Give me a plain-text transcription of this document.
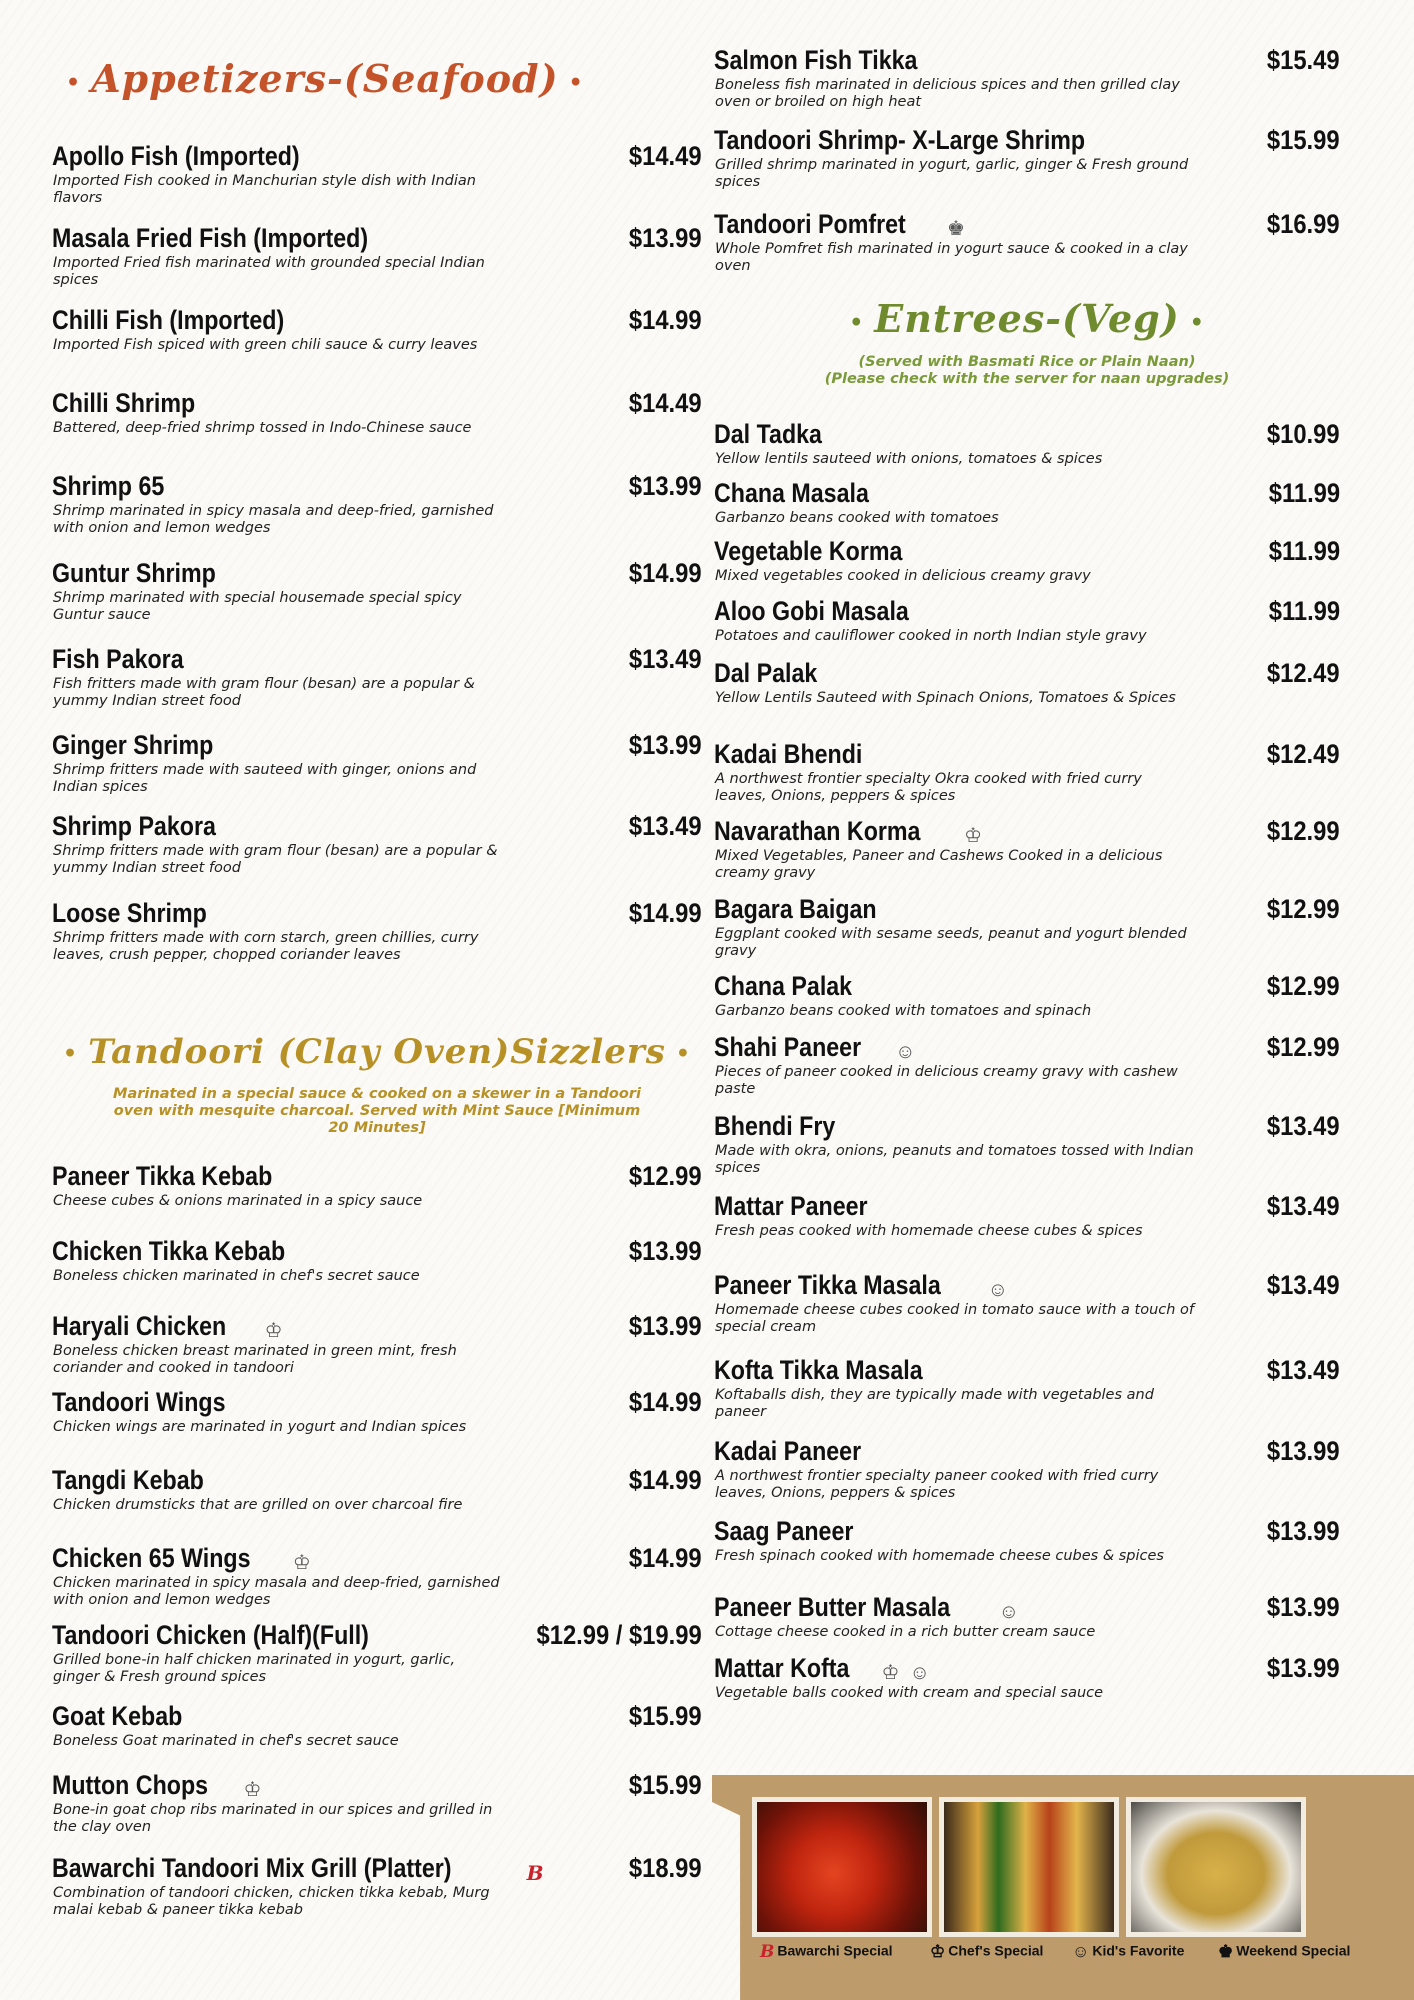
• Appetizers-(Seafood) •
Apollo Fish (Imported)	$14.49
Imported Fish cooked in Manchurian style dish with Indian flavors
Masala Fried Fish (Imported)	$13.99
Imported Fried fish marinated with grounded special Indian spices
Chilli Fish (Imported)	$14.99
Imported Fish spiced with green chili sauce & curry leaves
Chilli Shrimp	$14.49
Battered, deep-fried shrimp tossed in Indo-Chinese sauce
Shrimp 65	$13.99
Shrimp marinated in spicy masala and deep-fried, garnished with onion and lemon wedges
Guntur Shrimp	$14.99
Shrimp marinated with special housemade special spicy Guntur sauce
Fish Pakora	$13.49
Fish fritters made with gram flour (besan) are a popular & yummy Indian street food
Ginger Shrimp	$13.99
Shrimp fritters made with sauteed with ginger, onions and Indian spices
Shrimp Pakora	$13.49
Shrimp fritters made with gram flour (besan) are a popular & yummy Indian street food
Loose Shrimp	$14.99
Shrimp fritters made with corn starch, green chillies, curry leaves, crush pepper, chopped coriander leaves
• Tandoori (Clay Oven)Sizzlers •
Marinated in a special sauce & cooked on a skewer in a Tandoori oven with mesquite charcoal. Served with Mint Sauce [Minimum 20 Minutes]
Paneer Tikka Kebab	$12.99
Cheese cubes & onions marinated in a spicy sauce
Chicken Tikka Kebab	$13.99
Boneless chicken marinated in chef's secret sauce
Haryali Chicken ♔	$13.99
Boneless chicken breast marinated in green mint, fresh coriander and cooked in tandoori
Tandoori Wings	$14.99
Chicken wings are marinated in yogurt and Indian spices
Tangdi Kebab	$14.99
Chicken drumsticks that are grilled on over charcoal fire
Chicken 65 Wings ♔	$14.99
Chicken marinated in spicy masala and deep-fried, garnished with onion and lemon wedges
Tandoori Chicken (Half)(Full)	$12.99 / $19.99
Grilled bone-in half chicken marinated in yogurt, garlic, ginger & Fresh ground spices
Goat Kebab	$15.99
Boneless Goat marinated in chef's secret sauce
Mutton Chops ♔	$15.99
Bone-in goat chop ribs marinated in our spices and grilled in the clay oven
Bawarchi Tandoori Mix Grill (Platter)	B	$18.99
Combination of tandoori chicken, chicken tikka kebab, Murg malai kebab & paneer tikka kebab
Salmon Fish Tikka	$15.49
Boneless fish marinated in delicious spices and then grilled clay oven or broiled on high heat
Tandoori Shrimp- X-Large Shrimp	$15.99
Grilled shrimp marinated in yogurt, garlic, ginger & Fresh ground spices
Tandoori Pomfret ♚	$16.99
Whole Pomfret fish marinated in yogurt sauce & cooked in a clay oven
• Entrees-(Veg) •
(Served with Basmati Rice or Plain Naan)
(Please check with the server for naan upgrades)
Dal Tadka	$10.99
Yellow lentils sauteed with onions, tomatoes & spices
Chana Masala	$11.99
Garbanzo beans cooked with tomatoes
Vegetable Korma	$11.99
Mixed vegetables cooked in delicious creamy gravy
Aloo Gobi Masala	$11.99
Potatoes and cauliflower cooked in north Indian style gravy
Dal Palak	$12.49
Yellow Lentils Sauteed with Spinach Onions, Tomatoes & Spices
Kadai Bhendi	$12.49
A northwest frontier specialty Okra cooked with fried curry leaves, Onions, peppers & spices
Navarathan Korma ♔	$12.99
Mixed Vegetables, Paneer and Cashews Cooked in a delicious creamy gravy
Bagara Baigan	$12.99
Eggplant cooked with sesame seeds, peanut and yogurt blended gravy
Chana Palak	$12.99
Garbanzo beans cooked with tomatoes and spinach
Shahi Paneer ☺	$12.99
Pieces of paneer cooked in delicious creamy gravy with cashew paste
Bhendi Fry	$13.49
Made with okra, onions, peanuts and tomatoes tossed with Indian spices
Mattar Paneer	$13.49
Fresh peas cooked with homemade cheese cubes & spices
Paneer Tikka Masala ☺	$13.49
Homemade cheese cubes cooked in tomato sauce with a touch of special cream
Kofta Tikka Masala	$13.49
Koftaballs dish, they are typically made with vegetables and paneer
Kadai Paneer	$13.99
A northwest frontier specialty paneer cooked with fried curry leaves, Onions, peppers & spices
Saag Paneer	$13.99
Fresh spinach cooked with homemade cheese cubes & spices
Paneer Butter Masala ☺	$13.99
Cottage cheese cooked in a rich butter cream sauce
Mattar Kofta ♔ ☺	$13.99
Vegetable balls cooked with cream and special sauce
B Bawarchi Special ♔ Chef's Special ☺ Kid's Favorite ♚ Weekend Special
